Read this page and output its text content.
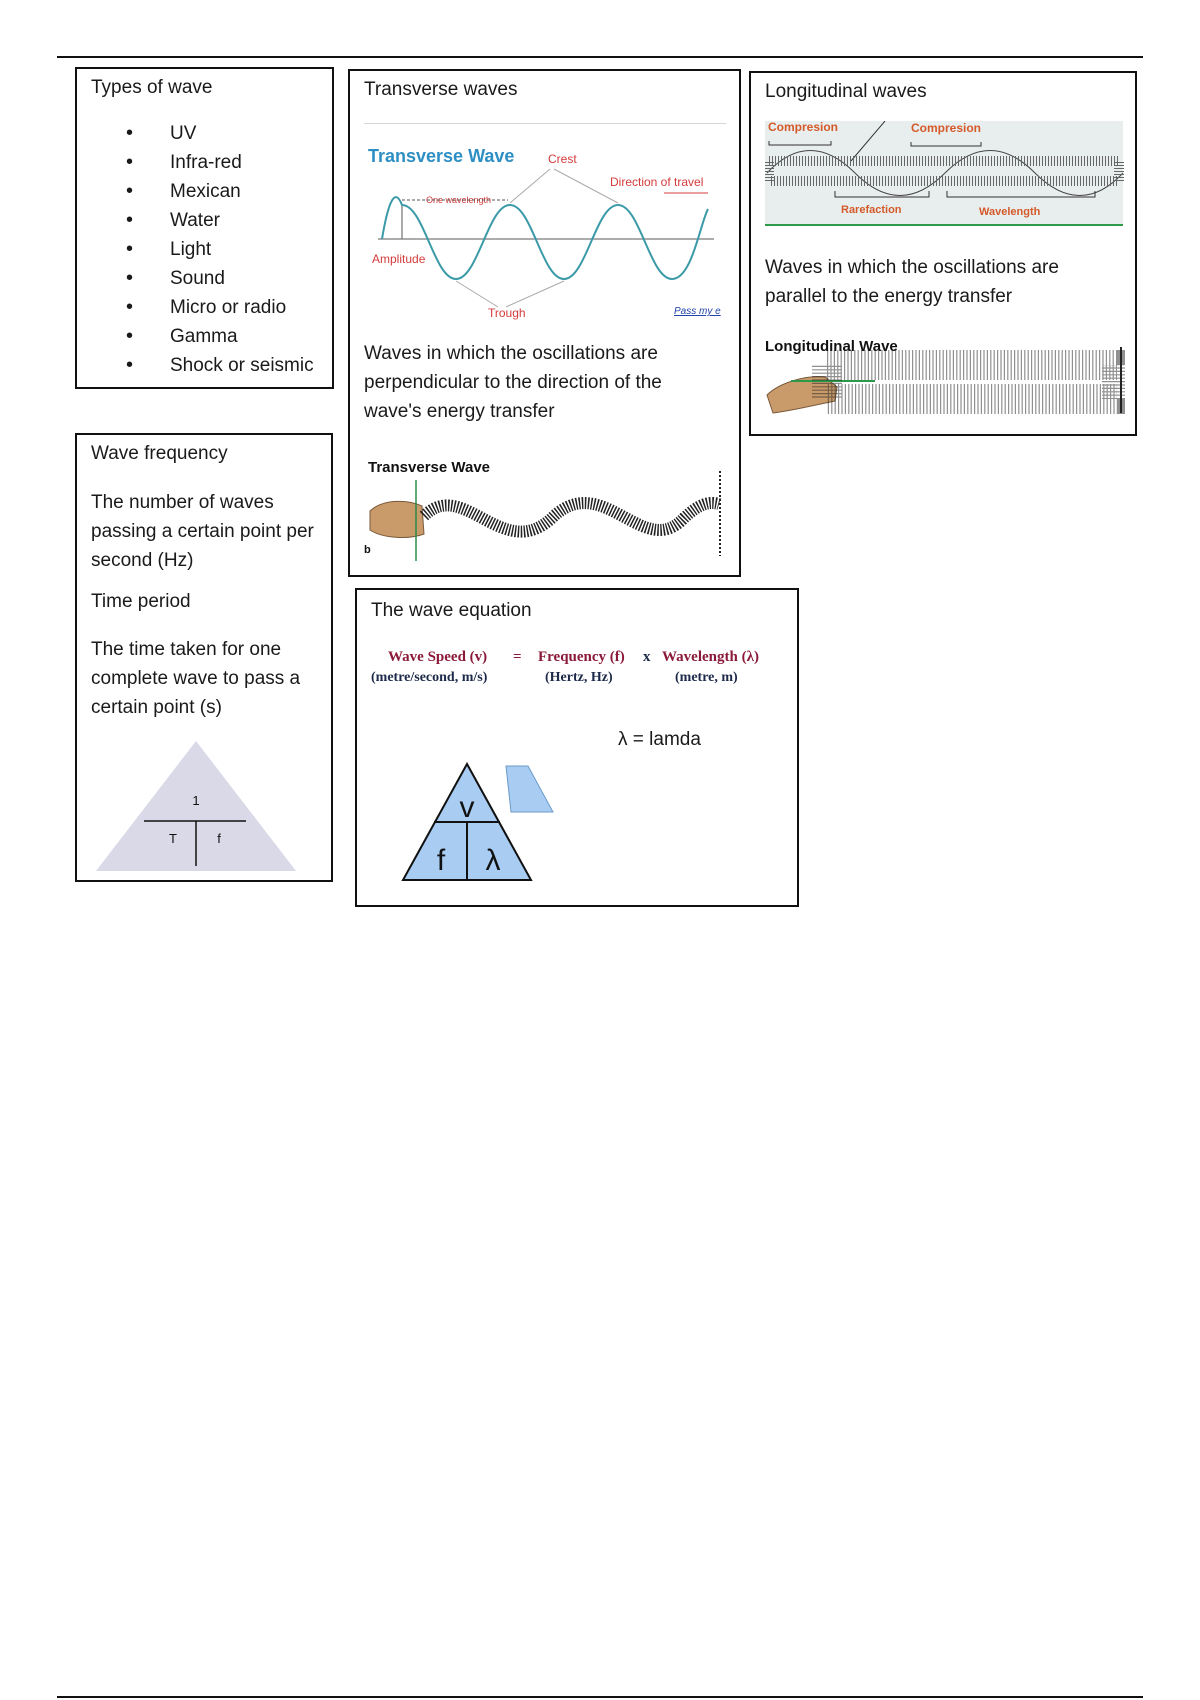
Types of wave
• UV
• Infra-red
• Mexican
• Water
• Light
• Sound
• Micro or radio
• Gamma
• Shock or seismic
Wave frequency
The number of waves passing a certain point per second (Hz)
Time period
The time taken for one complete wave to pass a certain point (s)
1
T	f
Transverse waves
Transverse Wave	Crest
Direction of travel
One wavelength
Amplitude
Trough	Pass my e
Waves in which the oscillations are perpendicular to the direction of the wave's energy transfer
Transverse Wave
b
Longitudinal waves
Compresion	Compresion
Rarefaction	Wavelength
Waves in which the oscillations are parallel to the energy transfer
Longitudinal Wave
The wave equation
Wave Speed (v) = Frequency (f) x Wavelength (λ)
(metre/second, m/s)	(Hertz, Hz)	(metre, m)
λ = lamda
v
f λ
